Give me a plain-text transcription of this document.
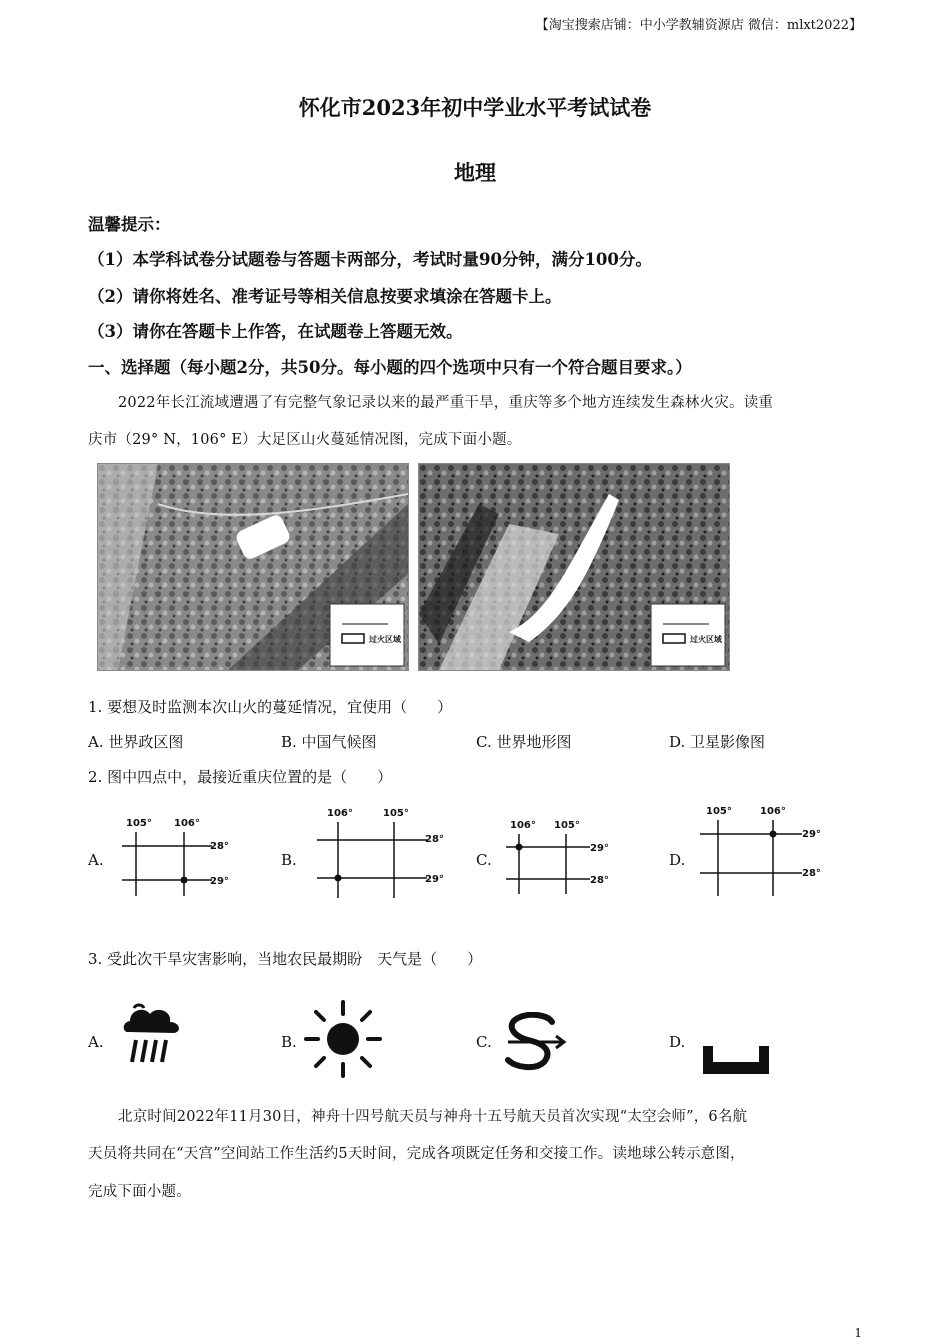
【淘宝搜索店铺：中小学教辅资源店 微信：mlxt2022】
怀化市2023年初中学业水平考试试卷
地理
温馨提示：
（1）本学科试卷分试题卷与答题卡两部分，考试时量90分钟，满分100分。
（2）请你将姓名、准考证号等相关信息按要求填涂在答题卡上。
（3）请你在答题卡上作答，在试题卷上答题无效。
一、选择题（每小题2分，共50分。每小题的四个选项中只有一个符合题目要求。）
2022年长江流域遭遇了有完整气象记录以来的最严重干旱，重庆等多个地方连续发生森林火灾。读重
庆市（29° N，106° E）大足区山火蔓延情况图，完成下面小题。
过火区域	过火区域
1. 要想及时监测本次山火的蔓延情况，宜使用（　　）
A. 世界政区图	B. 中国气候图	C. 世界地形图	D. 卫星影像图
2. 图中四点中，最接近重庆位置的是（　　）
A.
105° 106°
28°
29°
B.
106°	105°
28°
29°
C.
106° 105°
29°
28°
D.
105°	106°
29°
28°
3. 受此次干旱灾害影响，当地农民最期盼　天气是（　　）
A.	B.	C.	D.
北京时间2022年11月30日，神舟十四号航天员与神舟十五号航天员首次实现“太空会师”，6名航
天员将共同在“天宫”空间站工作生活约5天时间，完成各项既定任务和交接工作。读地球公转示意图，
完成下面小题。
1
